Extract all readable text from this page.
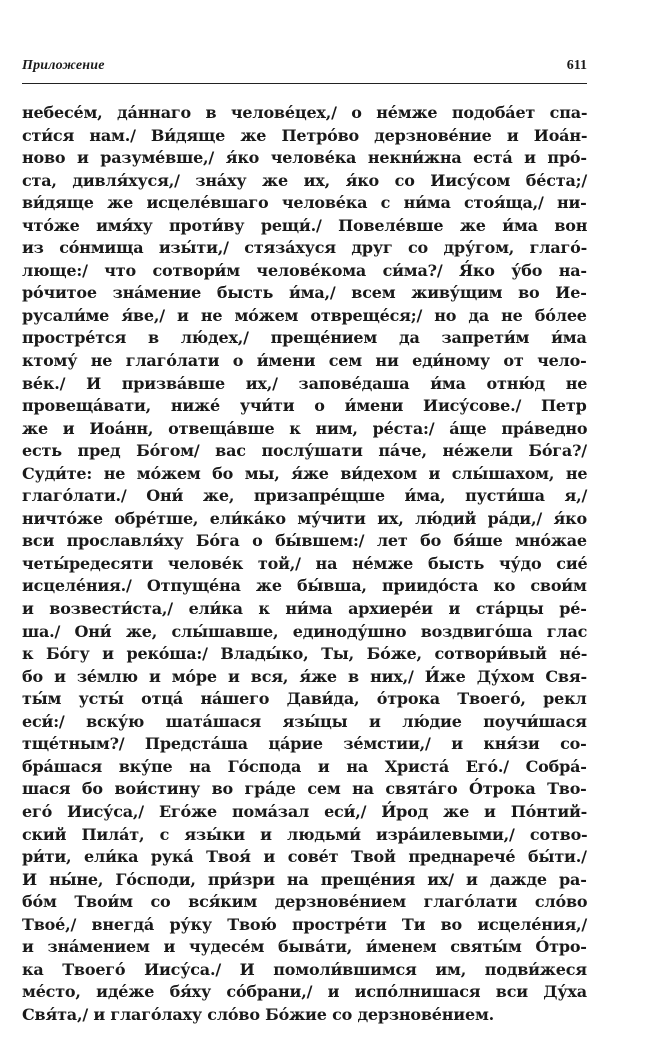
Приложение	611
небесе́м, да́ннаго в челове́цех,/ о не́мже подоба́ет спа-
сти́ся нам./ Ви́дяще же Петро́во дерзнове́ние и Иоа́н-
ново и разуме́вше,/ я́ко челове́ка некни́жна еста́ и про́-
ста, дивля́хуся,/ зна́ху же их, я́ко со Иису́сом бе́ста;/
ви́дяще же исцеле́вшаго челове́ка с ни́ма стоя́ща,/ ни-
что́же имя́ху проти́ву рещи́./ Повеле́вше же и́ма вон
из со́нмища изы́ти,/ стяза́хуся друг со дру́гом, глаго́-
люще:/ что сотвори́м челове́кома си́ма?/ Я́ко у́бо на-
ро́читое зна́мение бысть и́ма,/ всем живу́щим во Ие-
русали́ме я́ве,/ и не мо́жем отвреще́ся;/ но да не бо́лее
простре́тся в лю́дех,/ преще́нием да запрети́м и́ма
ктому́ не глаго́лати о и́мени сем ни еди́ному от чело-
ве́к./ И призва́вше их,/ запове́даша и́ма отню́д не
провеща́вати, ниже́ учи́ти о и́мени Иису́сове./ Петр
же и Иоа́нн, отвеща́вше к ним, ре́ста:/ а́ще пра́ведно
есть пред Бо́гом/ вас послу́шати па́че, не́жели Бо́га?/
Суди́те: не мо́жем бо мы, я́же ви́дехом и слы́шахом, не
глаго́лати./ Они́ же, призапре́щше и́ма, пусти́ша я,/
ничто́же обре́тше, ели́ка́ко му́чити их, лю́дий ра́ди,/ я́ко
вси прославля́ху Бо́га о бы́вшем:/ лет бо бя́ше мно́жае
четы́редесяти челове́к той,/ на не́мже бысть чу́до сие́
исцеле́ния./ Отпуще́на же бы́вша, приидо́ста ко свои́м
и возвести́ста,/ ели́ка к ни́ма архиере́и и ста́рцы ре́-
ша./ Они́ же, слы́шавше, единоду́шно воздвиго́ша глас
к Бо́гу и реко́ша:/ Влады́ко, Ты, Бо́же, сотвори́вый не́-
бо и зе́млю и мо́ре и вся, я́же в них,/ И́же Ду́хом Свя-
ты́м усты́ отца́ на́шего Дави́да, о́трока Твоего́, рекл
еси́:/ вску́ю шата́шася язы́цы и лю́дие поучи́шася
тще́тным?/ Предста́ша ца́рие зе́мстии,/ и кня́зи со-
бра́шася вку́пе на Го́спода и на Христа́ Его́./ Собра́-
шася бо вои́стину во гра́де сем на свята́го О́трока Тво-
его́ Иису́са,/ Его́же пома́зал еси́,/ И́род же и По́нтий-
ский Пила́т, с язы́ки и людьми́ изра́илевыми,/ сотво-
ри́ти, ели́ка рука́ Твоя́ и сове́т Твой преднарече́ бы́ти./
И ны́не, Го́споди, при́зри на преще́ния их/ и дажде ра-
бо́м Твои́м со вся́ким дерзнове́нием глаго́лати сло́во
Твое́,/ внегда́ ру́ку Твою́ простре́ти Ти во исцеле́ния,/
и зна́мением и чудесе́м быва́ти, и́менем святы́м О́тро-
ка Твоего́ Иису́са./ И помоли́вшимся им, подви́жеся
ме́сто, иде́же бя́ху со́брани,/ и испо́лнишася вси Ду́ха
Свя́та,/ и глаго́лаху сло́во Бо́жие со дерзнове́нием.
